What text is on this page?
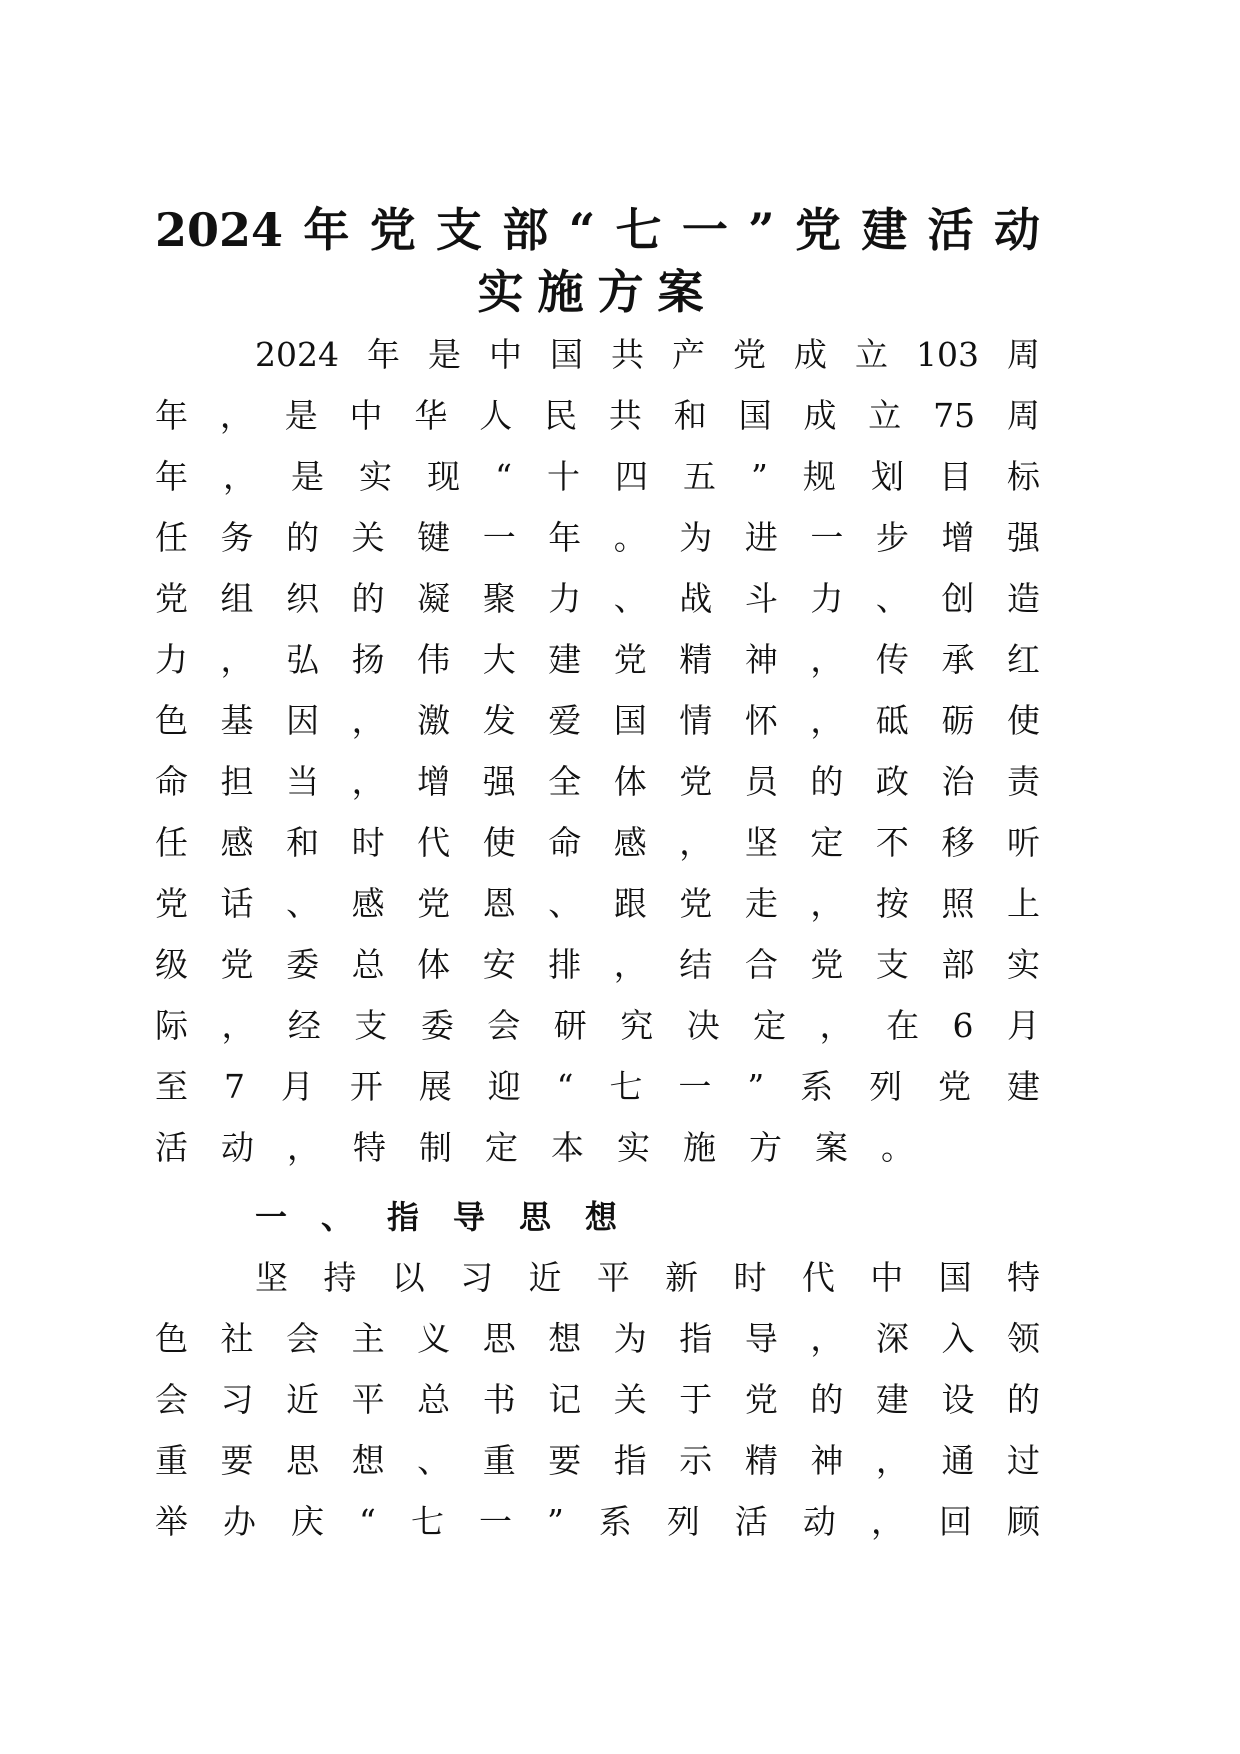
2024年党支部“七一”党建活动
实施方案
2024年是中国共产党成立103周
年，是中华人民共和国成立75周
年，是实现“十四五”规划目标
任务的关键一年。为进一步增强
党组织的凝聚力、战斗力、创造
力，弘扬伟大建党精神，传承红
色基因，激发爱国情怀，砥砺使
命担当，增强全体党员的政治责
任感和时代使命感，坚定不移听
党话、感党恩、跟党走，按照上
级党委总体安排，结合党支部实
际，经支委会研究决定，在6月
至7月开展迎“七一”系列党建
活动，特制定本实施方案。
一、指导思想
坚持以习近平新时代中国特
色社会主义思想为指导，深入领
会习近平总书记关于党的建设的
重要思想、重要指示精神，通过
举办庆“七一”系列活动，回顾
